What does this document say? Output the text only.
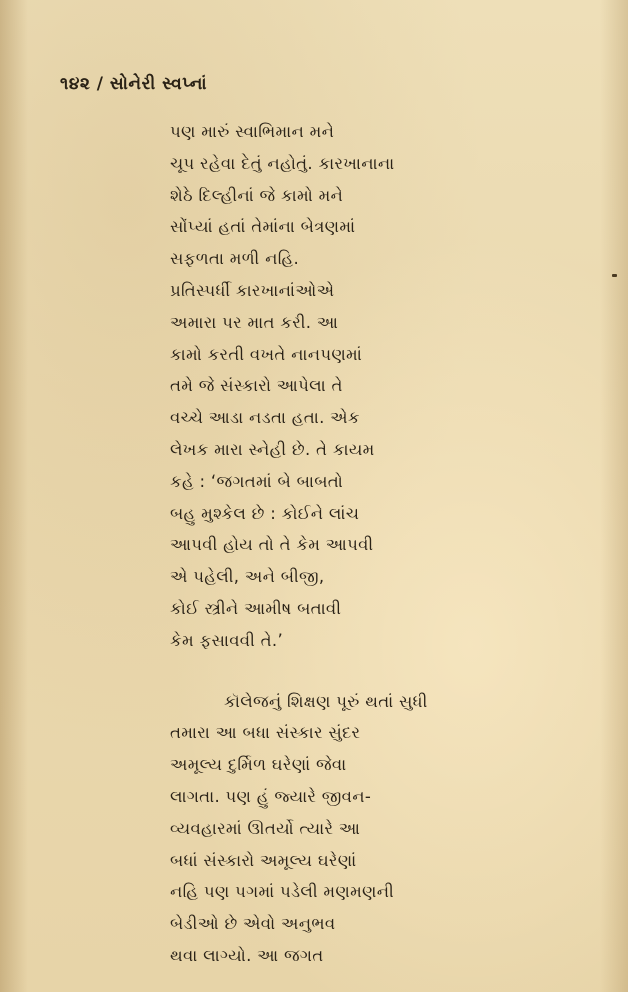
૧૪૨ / સોનેરી સ્વપ્નાં
પણ મારું સ્વાભિમાન મને
ચૂપ રહેવા દેતું નહોતું. કારખાનાના
શેઠે દિલ્હીનાં જે કામો મને
સોંપ્યાં હતાં તેમાંના બેત્રણમાં
સફળતા મળી નહિ.
પ્રતિસ્પર્ધી કારખાનાંઓએ
અમારા પર માત કરી. આ
કામો કરતી વખતે નાનપણમાં
તમે જે સંસ્કારો આપેલા તે
વચ્ચે આડા નડતા હતા. એક
લેખક મારા સ્નેહી છે. તે કાયમ
કહે : ‘જગતમાં બે બાબતો
બહુ મુશ્કેલ છે : કોઈને લાંચ
આપવી હોય તો તે કેમ આપવી
એ પહેલી, અને બીજી,
કોઈ સ્ત્રીને આમીષ બતાવી
કેમ ફસાવવી તે.’
કૉલેજનું શિક્ષણ પૂરું થતાં સુધી
તમારા આ બધા સંસ્કાર સુંદર
અમૂલ્ય દુર્મિળ ઘરેણાં જેવા
લાગતા. પણ હું જ્યારે જીવન-
વ્યવહારમાં ઊતર્યો ત્યારે આ
બધાં સંસ્કારો અમૂલ્ય ઘરેણાં
નહિ પણ પગમાં પડેલી મણમણની
બેડીઓ છે એવો અનુભવ
થવા લાગ્યો. આ જગત
